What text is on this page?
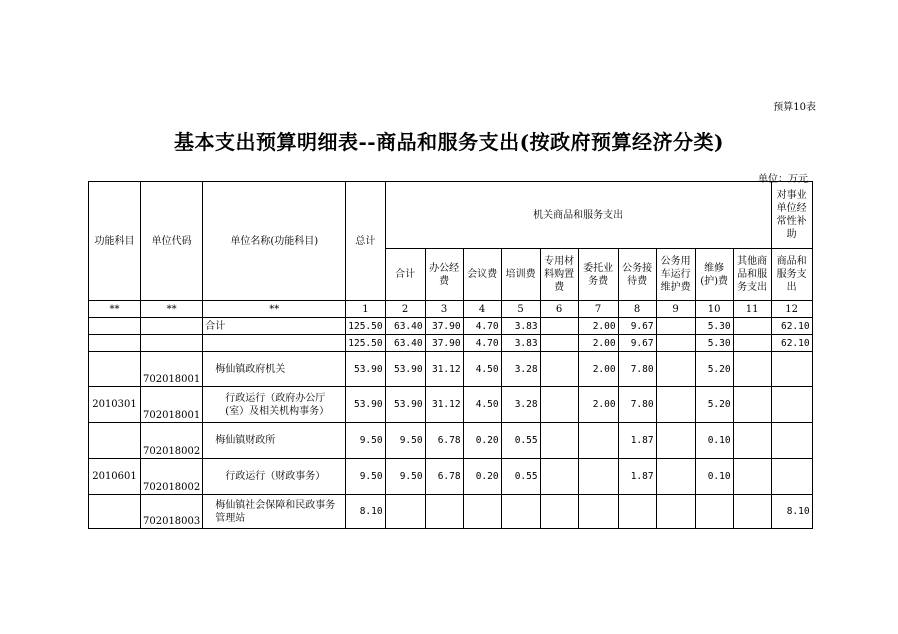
预算10表
基本支出预算明细表--商品和服务支出(按政府预算经济分类)
单位：万元
功能科目	单位代码	单位名称(功能科目)	总计	机关商品和服务支出										对事业单位经常性补助
				合计	办公经费	会议费	培训费	专用材料购置费	委托业务费	公务接待费	公务用车运行维护费	维修(护)费	其他商品和服务支出	商品和服务支出
**	**	**	1	2	3	4	5	6	7	8	9	10	11	12
		合计	125.50	63.40	37.90	4.70	3.83		2.00	9.67		5.30		62.10
			125.50	63.40	37.90	4.70	3.83		2.00	9.67		5.30		62.10
	702018001	梅仙镇政府机关	53.90	53.90	31.12	4.50	3.28		2.00	7.80		5.20		
2010301	702018001	行政运行（政府办公厅(室）及相关机构事务）	53.90	53.90	31.12	4.50	3.28		2.00	7.80		5.20		
	702018002	梅仙镇财政所	9.50	9.50	6.78	0.20	0.55			1.87		0.10		
2010601	702018002	行政运行（财政事务）	9.50	9.50	6.78	0.20	0.55			1.87		0.10		
	702018003	梅仙镇社会保障和民政事务管理站	8.10											8.10
